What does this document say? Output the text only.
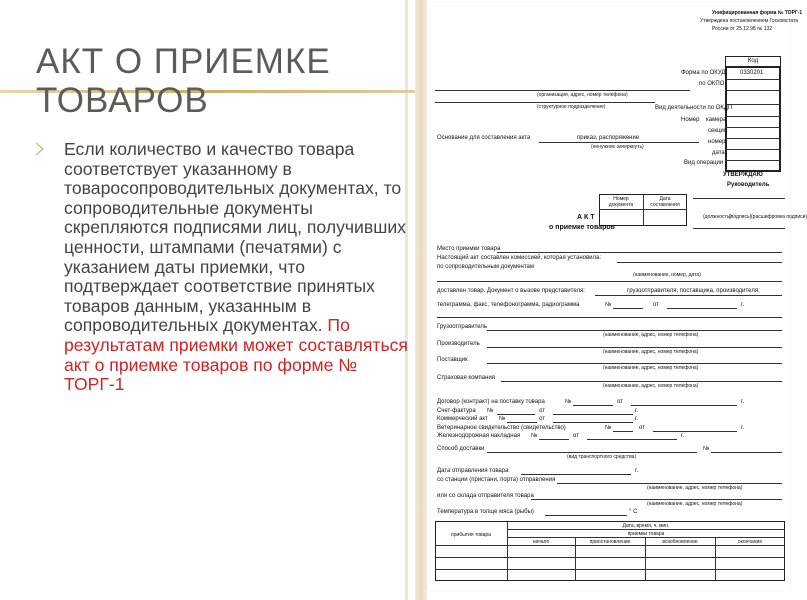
АКТ О ПРИЕМКЕ ТОВАРОВ
Если количество и качество товара соответствует указанному в товаросопроводительных документах, то сопроводительные документы скрепляются подписями лиц, получивших ценности, штампами (печатями) с указанием даты приемки, что подтверждает соответствие принятых товаров данным, указанным в сопроводительных документах. По результатам приемки может составляться акт о приемке товаров по форме № ТОРГ-1
Унифицированная форма № ТОРГ-1
Утверждена постановлением Госкомстата
России от 25.12.98 № 132
Код
Форма по ОКУД 0330201
по ОКПО
(организация, адрес, номер телефона)
(структурное подразделение)	Вид деятельности по ОКДП
Номер камера
секция
номер
дата
Основание для составления акта	приказ, распоряжение
(ненужное зачеркнуть)
Вид операции
УТВЕРЖДАЮ
Руководитель
Номер документа
Дата составления
А К Т
о приемке товаров
(должность)
(подпись) (расшифровка подписи)
Место приемки товара
Настоящий акт составлен комиссией, которая установила:
по сопроводительным документам
(наименование, номер, дата)
доставлен товар. Документ о вызове представителя:	грузоотправителя, поставщика, производителя;
телеграмма, факс, телефонограмма, радиограмма	№	от	г.
Грузоотправитель
(наименование, адрес, номер телефона)
Производитель
(наименование, адрес, номер телефона)
Поставщик
(наименование, адрес, номер телефона)
Страховая компания
(наименование, адрес, номер телефона)
Договор (контракт) на поставку товара	№	от	г.
Счет-фактура №	от	г.
Коммерческий акт №	от	г.
Ветеринарное свидетельство (свидетельство)	№	от	г.
Железнодорожная накладная №	от	г.
Способ доставки	№
(вид транспортного средства)
Дата отправления товара	г.
со станции (пристани, порта) отправления
(наименование, адрес, номер телефона)
или со склада отправителя товара
(наименование, адрес, номер телефона)
Температура в толще мяса (рыбы)	° C
Дата, время, ч. мин.
прибытия товара	приемки товара
начало	приостановление	возобновление	окончание
